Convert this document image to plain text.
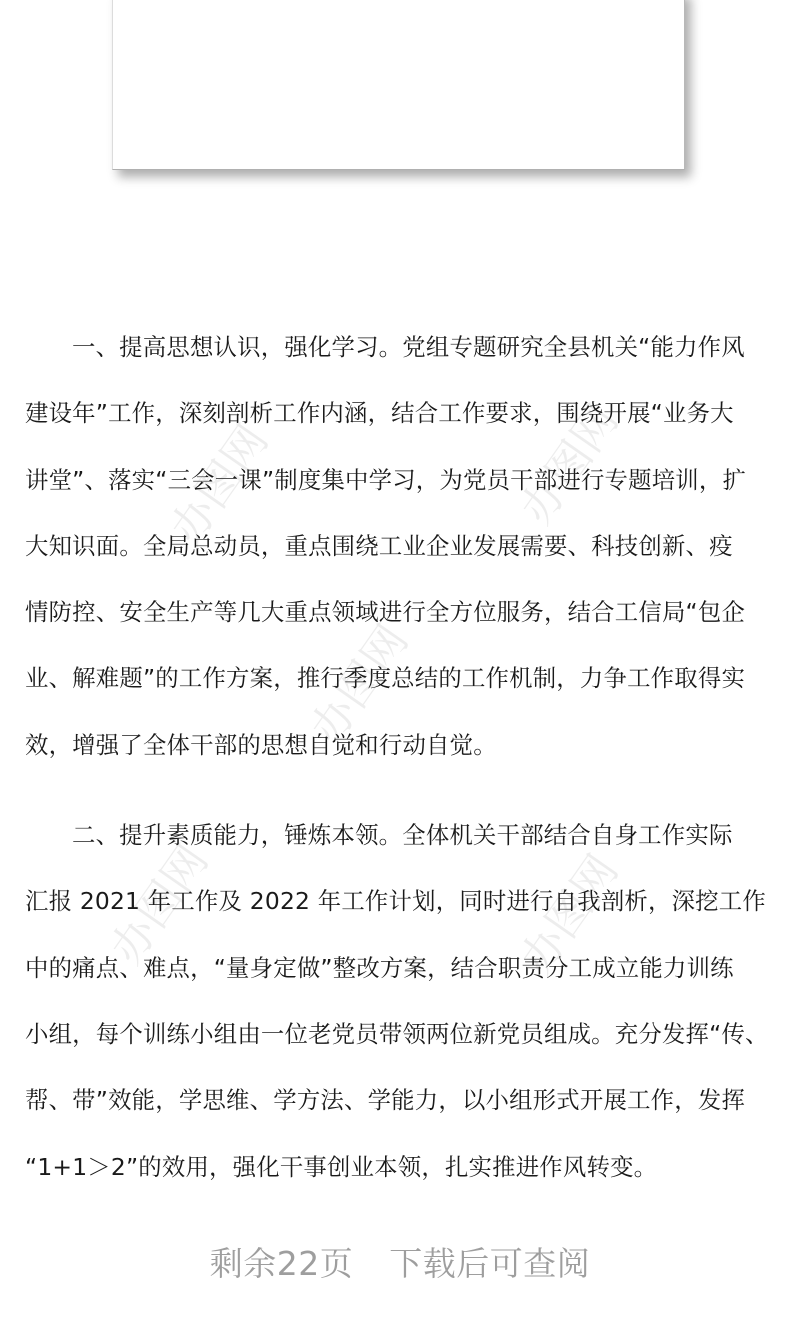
办图网	办图网
办图网
办图网	办图网
一、提高思想认识，强化学习。党组专题研究全县机关“能力作风
建设年”工作，深刻剖析工作内涵，结合工作要求，围绕开展“业务大
讲堂”、落实“三会一课”制度集中学习，为党员干部进行专题培训，扩
大知识面。全局总动员，重点围绕工业企业发展需要、科技创新、疫
情防控、安全生产等几大重点领域进行全方位服务，结合工信局“包企
业、解难题”的工作方案，推行季度总结的工作机制，力争工作取得实
效，增强了全体干部的思想自觉和行动自觉。
二、提升素质能力，锤炼本领。全体机关干部结合自身工作实际
汇报 2021 年工作及 2022 年工作计划，同时进行自我剖析，深挖工作
中的痛点、难点，“量身定做”整改方案，结合职责分工成立能力训练
小组，每个训练小组由一位老党员带领两位新党员组成。充分发挥“传、
帮、带”效能，学思维、学方法、学能力，以小组形式开展工作，发挥
“1+1＞2”的效用，强化干事创业本领，扎实推进作风转变。
剩余22页 下载后可查阅
